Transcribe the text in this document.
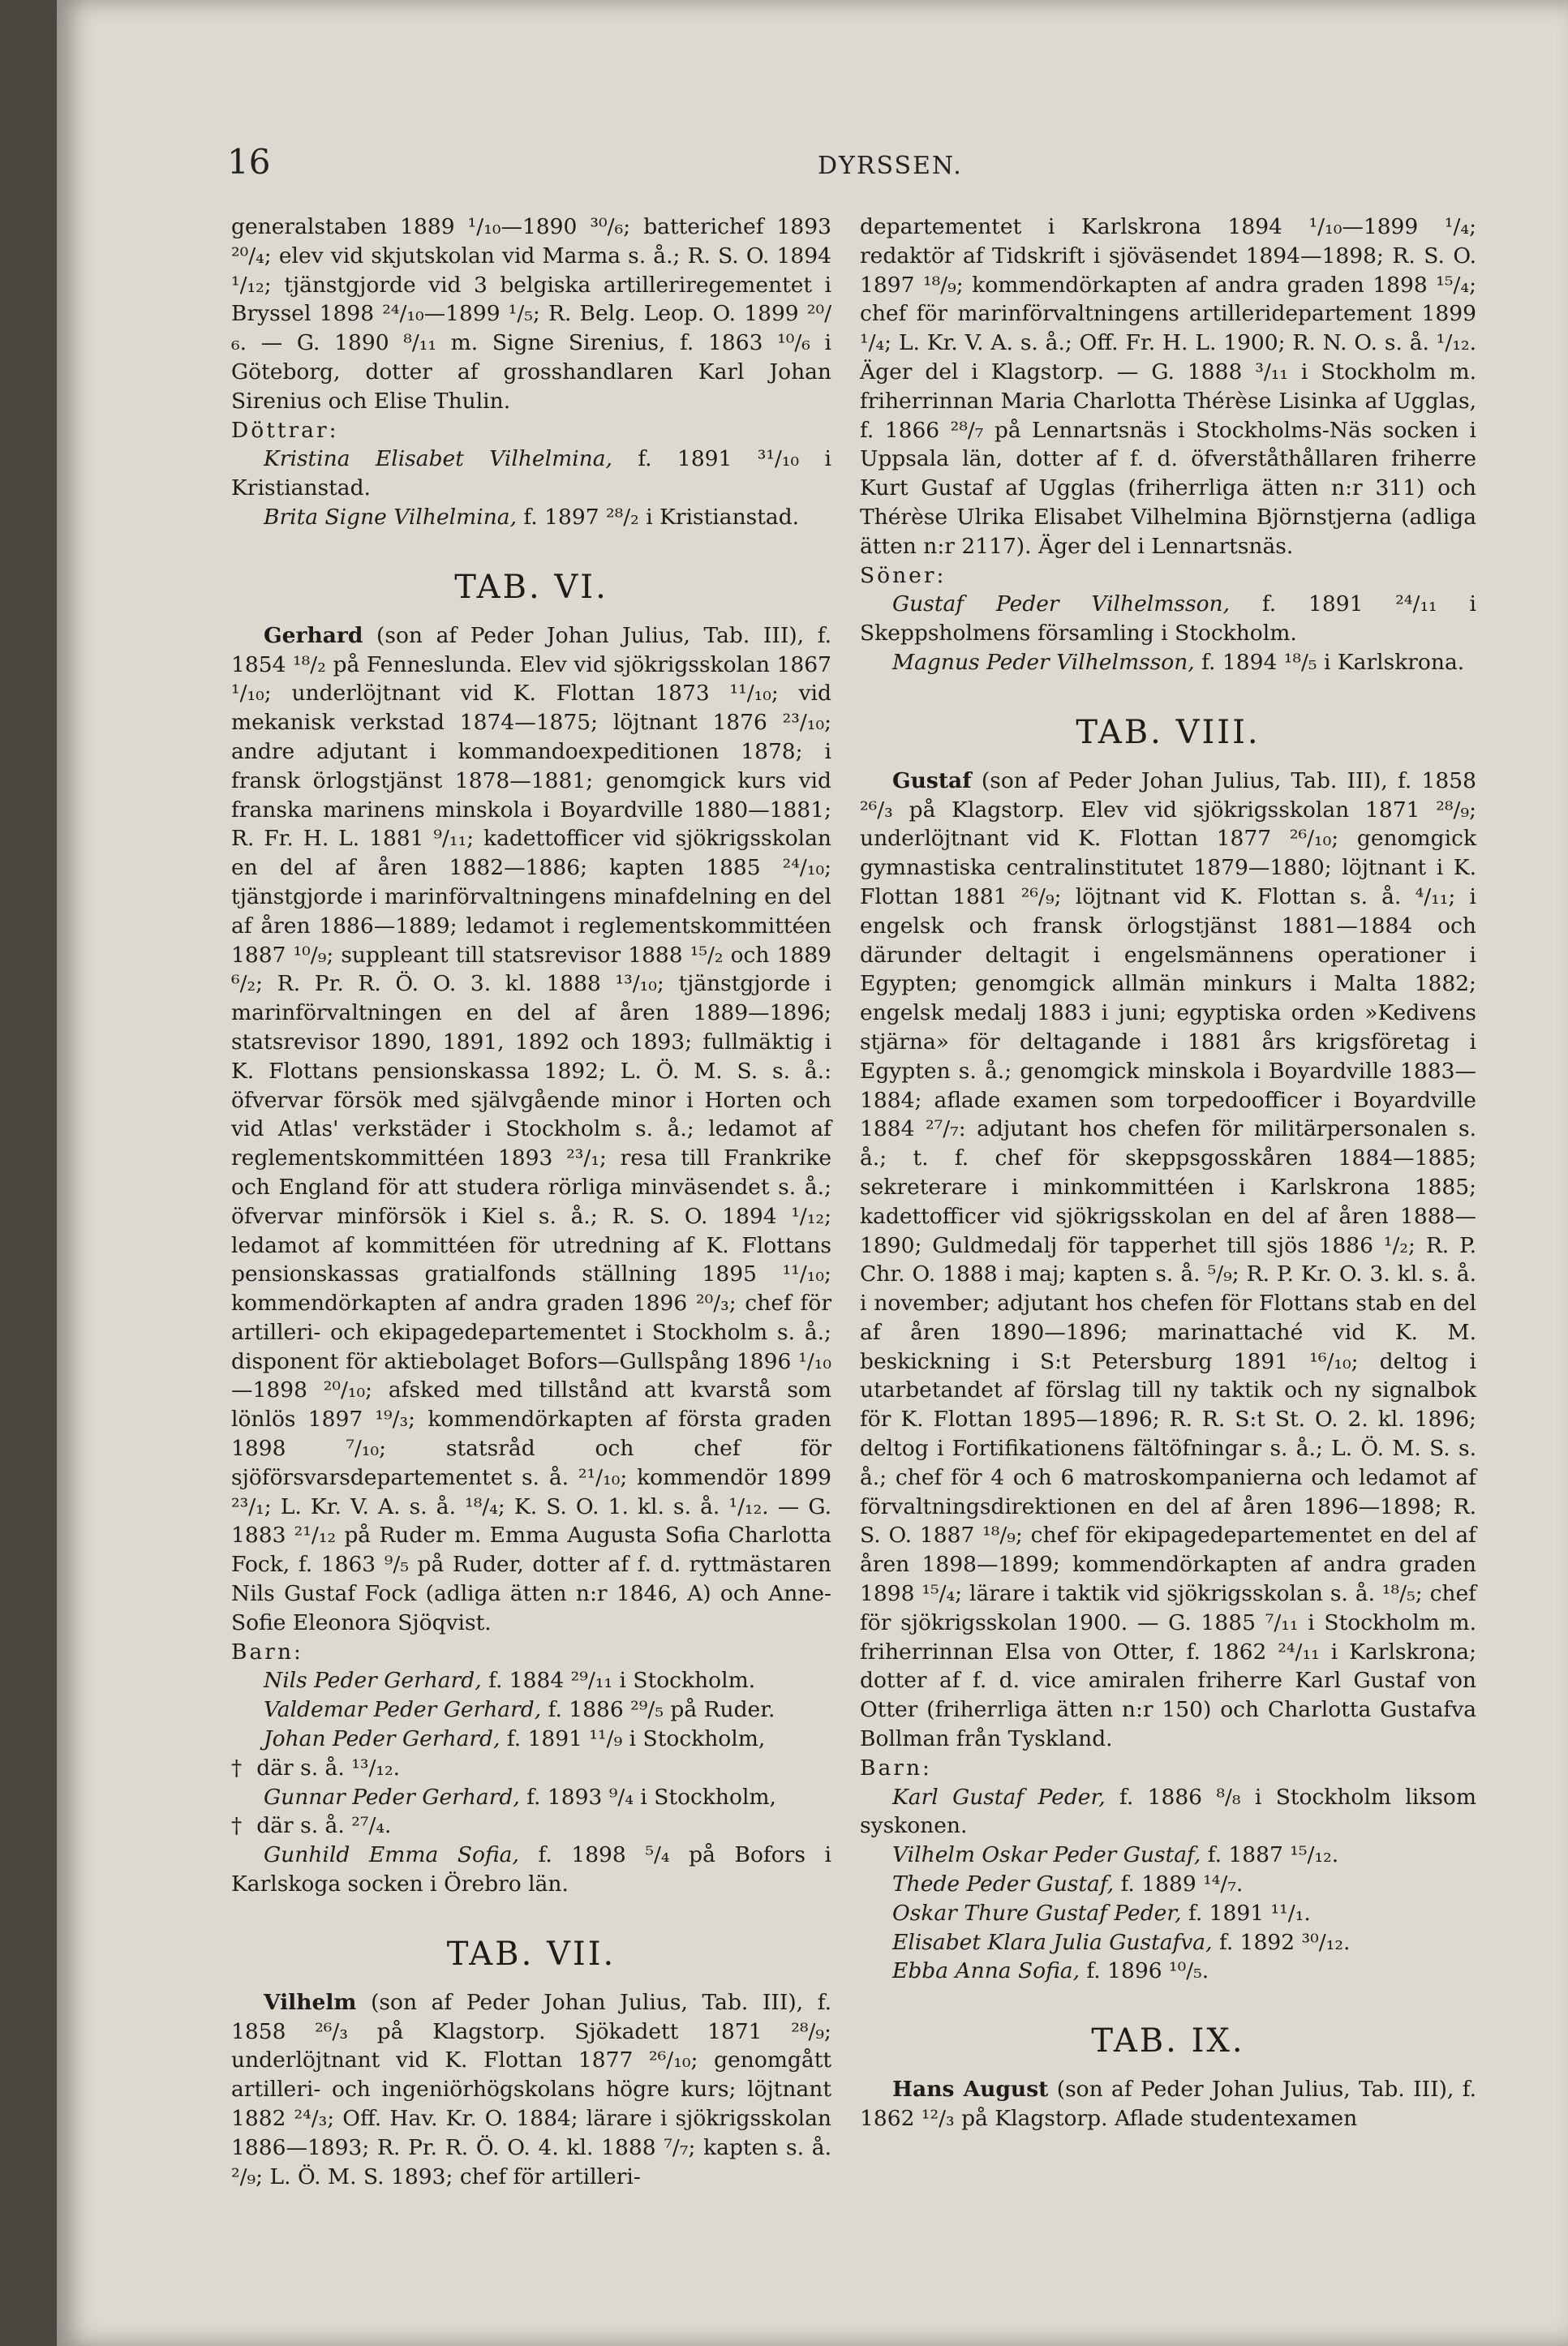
16	DYRSSEN.

generalstaben 1889 ¹/₁₀—1890 ³⁰/₆; batterichef 1893 ²⁰/₄; elev vid skjutskolan vid Marma s. å.; R. S. O. 1894 ¹/₁₂; tjänstgjorde vid 3 belgiska artilleriregementet i Bryssel 1898 ²⁴/₁₀—1899 ¹/₅; R. Belg. Leop. O. 1899 ²⁰/₆. — G. 1890 ⁸/₁₁ m. Signe Sirenius, f. 1863 ¹⁰/₆ i Göteborg, dotter af grosshandlaren Karl Johan Sirenius och Elise Thulin.

Döttrar:

Kristina Elisabet Vilhelmina, f. 1891 ³¹/₁₀ i Kristianstad.

Brita Signe Vilhelmina, f. 1897 ²⁸/₂ i Kristianstad.

TAB. VI.

Gerhard (son af Peder Johan Julius, Tab. III), f. 1854 ¹⁸/₂ på Fenneslunda. Elev vid sjökrigsskolan 1867 ¹/₁₀; underlöjtnant vid K. Flottan 1873 ¹¹/₁₀; vid mekanisk verkstad 1874—1875; löjtnant 1876 ²³/₁₀; andre adjutant i kommandoexpeditionen 1878; i fransk örlogstjänst 1878—1881; genomgick kurs vid franska marinens minskola i Boyardville 1880—1881; R. Fr. H. L. 1881 ⁹/₁₁; kadettofficer vid sjökrigsskolan en del af åren 1882—1886; kapten 1885 ²⁴/₁₀; tjänstgjorde i marinförvaltningens minafdelning en del af åren 1886—1889; ledamot i reglementskommittéen 1887 ¹⁰/₉; suppleant till statsrevisor 1888 ¹⁵/₂ och 1889 ⁶/₂; R. Pr. R. Ö. O. 3. kl. 1888 ¹³/₁₀; tjänstgjorde i marinförvaltningen en del af åren 1889—1896; statsrevisor 1890, 1891, 1892 och 1893; fullmäktig i K. Flottans pensionskassa 1892; L. Ö. M. S. s. å.: öfvervar försök med självgående minor i Horten och vid Atlas' verkstäder i Stockholm s. å.; ledamot af reglementskommittéen 1893 ²³/₁; resa till Frankrike och England för att studera rörliga minväsendet s. å.; öfvervar minförsök i Kiel s. å.; R. S. O. 1894 ¹/₁₂; ledamot af kommittéen för utredning af K. Flottans pensionskassas gratialfonds ställning 1895 ¹¹/₁₀; kommendörkapten af andra graden 1896 ²⁰/₃; chef för artilleri- och ekipagedepartementet i Stockholm s. å.; disponent för aktiebolaget Bofors—Gullspång 1896 ¹/₁₀—1898 ²⁰/₁₀; afsked med tillstånd att kvarstå som lönlös 1897 ¹⁹/₃; kommendörkapten af första graden 1898 ⁷/₁₀; statsråd och chef för sjöförsvarsdepartementet s. å. ²¹/₁₀; kommendör 1899 ²³/₁; L. Kr. V. A. s. å. ¹⁸/₄; K. S. O. 1. kl. s. å. ¹/₁₂. — G. 1883 ²¹/₁₂ på Ruder m. Emma Augusta Sofia Charlotta Fock, f. 1863 ⁹/₅ på Ruder, dotter af f. d. ryttmästaren Nils Gustaf Fock (adliga ätten n:r 1846, A) och Anne-Sofie Eleonora Sjöqvist.

Barn:

Nils Peder Gerhard, f. 1884 ²⁹/₁₁ i Stockholm.

Valdemar Peder Gerhard, f. 1886 ²⁹/₅ på Ruder.

Johan Peder Gerhard, f. 1891 ¹¹/₉ i Stockholm,

† där s. å. ¹³/₁₂.

Gunnar Peder Gerhard, f. 1893 ⁹/₄ i Stockholm,

† där s. å. ²⁷/₄.

Gunhild Emma Sofia, f. 1898 ⁵/₄ på Bofors i Karlskoga socken i Örebro län.

TAB. VII.

Vilhelm (son af Peder Johan Julius, Tab. III), f. 1858 ²⁶/₃ på Klagstorp. Sjökadett 1871 ²⁸/₉; underlöjtnant vid K. Flottan 1877 ²⁶/₁₀; genomgått artilleri- och ingeniörhögskolans högre kurs; löjtnant 1882 ²⁴/₃; Off. Hav. Kr. O. 1884; lärare i sjökrigsskolan 1886—1893; R. Pr. R. Ö. O. 4. kl. 1888 ⁷/₇; kapten s. å. ²/₉; L. Ö. M. S. 1893; chef för artilleri-

departementet i Karlskrona 1894 ¹/₁₀—1899 ¹/₄; redaktör af Tidskrift i sjöväsendet 1894—1898; R. S. O. 1897 ¹⁸/₉; kommendörkapten af andra graden 1898 ¹⁵/₄; chef för marinförvaltningens artilleridepartement 1899 ¹/₄; L. Kr. V. A. s. å.; Off. Fr. H. L. 1900; R. N. O. s. å. ¹/₁₂. Äger del i Klagstorp. — G. 1888 ³/₁₁ i Stockholm m. friherrinnan Maria Charlotta Thérèse Lisinka af Ugglas, f. 1866 ²⁸/₇ på Lennartsnäs i Stockholms-Näs socken i Uppsala län, dotter af f. d. öfverståthållaren friherre Kurt Gustaf af Ugglas (friherrliga ätten n:r 311) och Thérèse Ulrika Elisabet Vilhelmina Björnstjerna (adliga ätten n:r 2117). Äger del i Lennartsnäs.

Söner:

Gustaf Peder Vilhelmsson, f. 1891 ²⁴/₁₁ i Skeppsholmens församling i Stockholm.

Magnus Peder Vilhelmsson, f. 1894 ¹⁸/₅ i Karlskrona.

TAB. VIII.

Gustaf (son af Peder Johan Julius, Tab. III), f. 1858 ²⁶/₃ på Klagstorp. Elev vid sjökrigsskolan 1871 ²⁸/₉; underlöjtnant vid K. Flottan 1877 ²⁶/₁₀; genomgick gymnastiska centralinstitutet 1879—1880; löjtnant i K. Flottan 1881 ²⁶/₉; löjtnant vid K. Flottan s. å. ⁴/₁₁; i engelsk och fransk örlogstjänst 1881—1884 och därunder deltagit i engelsmännens operationer i Egypten; genomgick allmän minkurs i Malta 1882; engelsk medalj 1883 i juni; egyptiska orden »Kedivens stjärna» för deltagande i 1881 års krigsföretag i Egypten s. å.; genomgick minskola i Boyardville 1883—1884; aflade examen som torpedoofficer i Boyardville 1884 ²⁷/₇: adjutant hos chefen för militärpersonalen s. å.; t. f. chef för skeppsgosskåren 1884—1885; sekreterare i minkommittéen i Karlskrona 1885; kadettofficer vid sjökrigsskolan en del af åren 1888—1890; Guldmedalj för tapperhet till sjös 1886 ¹/₂; R. P. Chr. O. 1888 i maj; kapten s. å. ⁵/₉; R. P. Kr. O. 3. kl. s. å. i november; adjutant hos chefen för Flottans stab en del af åren 1890—1896; marinattaché vid K. M. beskickning i S:t Petersburg 1891 ¹⁶/₁₀; deltog i utarbetandet af förslag till ny taktik och ny signalbok för K. Flottan 1895—1896; R. R. S:t St. O. 2. kl. 1896; deltog i Fortifikationens fältöfningar s. å.; L. Ö. M. S. s. å.; chef för 4 och 6 matroskompanierna och ledamot af förvaltningsdirektionen en del af åren 1896—1898; R. S. O. 1887 ¹⁸/₉; chef för ekipagedepartementet en del af åren 1898—1899; kommendörkapten af andra graden 1898 ¹⁵/₄; lärare i taktik vid sjökrigsskolan s. å. ¹⁸/₅; chef för sjökrigsskolan 1900. — G. 1885 ⁷/₁₁ i Stockholm m. friherrinnan Elsa von Otter, f. 1862 ²⁴/₁₁ i Karlskrona; dotter af f. d. vice amiralen friherre Karl Gustaf von Otter (friherrliga ätten n:r 150) och Charlotta Gustafva Bollman från Tyskland.

Barn:

Karl Gustaf Peder, f. 1886 ⁸/₈ i Stockholm liksom syskonen.

Vilhelm Oskar Peder Gustaf, f. 1887 ¹⁵/₁₂.

Thede Peder Gustaf, f. 1889 ¹⁴/₇.

Oskar Thure Gustaf Peder, f. 1891 ¹¹/₁.

Elisabet Klara Julia Gustafva, f. 1892 ³⁰/₁₂.

Ebba Anna Sofia, f. 1896 ¹⁰/₅.

TAB. IX.

Hans August (son af Peder Johan Julius, Tab. III), f. 1862 ¹²/₃ på Klagstorp. Aflade studentexamen
